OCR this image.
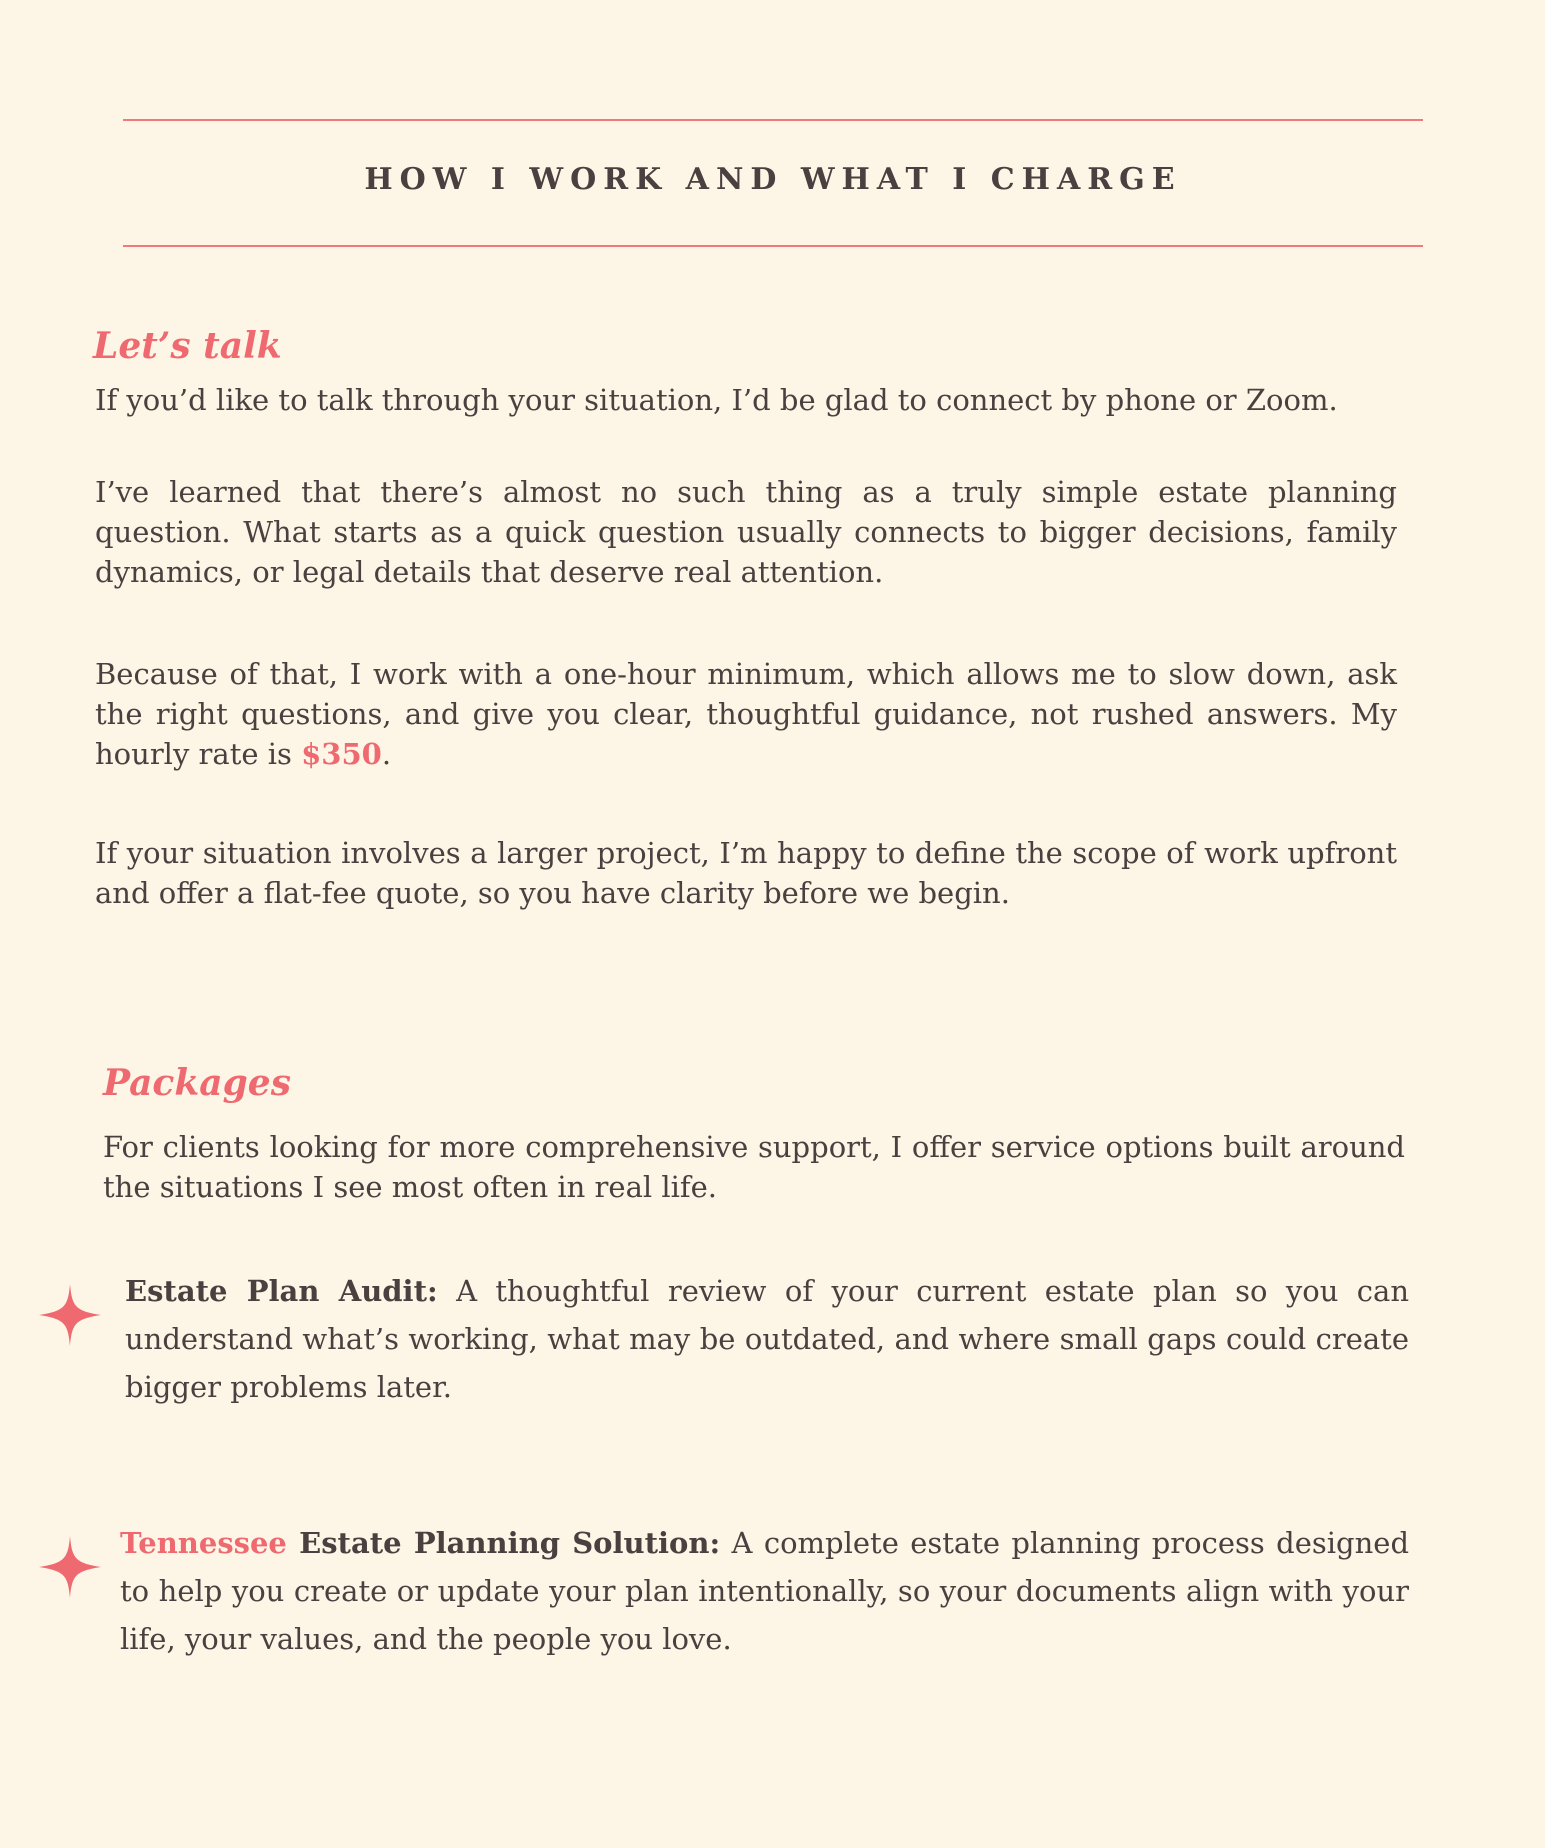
HOW I WORK AND WHAT I CHARGE
Let’s talk

If you’d like to talk through your situation, I’d be glad to connect by phone or Zoom.

I’ve learned that there’s almost no such thing as a truly simple estate planning question. What starts as a quick question usually connects to bigger decisions, family dynamics, or legal details that deserve real attention.

Because of that, I work with a one-hour minimum, which allows me to slow down, ask the right questions, and give you clear, thoughtful guidance, not rushed answers. My hourly rate is $350.

If your situation involves a larger project, I’m happy to define the scope of work upfront and offer a flat-fee quote, so you have clarity before we begin.

Packages

For clients looking for more comprehensive support, I offer service options built around the situations I see most often in real life.

Estate Plan Audit: A thoughtful review of your current estate plan so you can understand what’s working, what may be outdated, and where small gaps could create bigger problems later.

Tennessee Estate Planning Solution: A complete estate planning process designed to help you create or update your plan intentionally, so your documents align with your life, your values, and the people you love.
